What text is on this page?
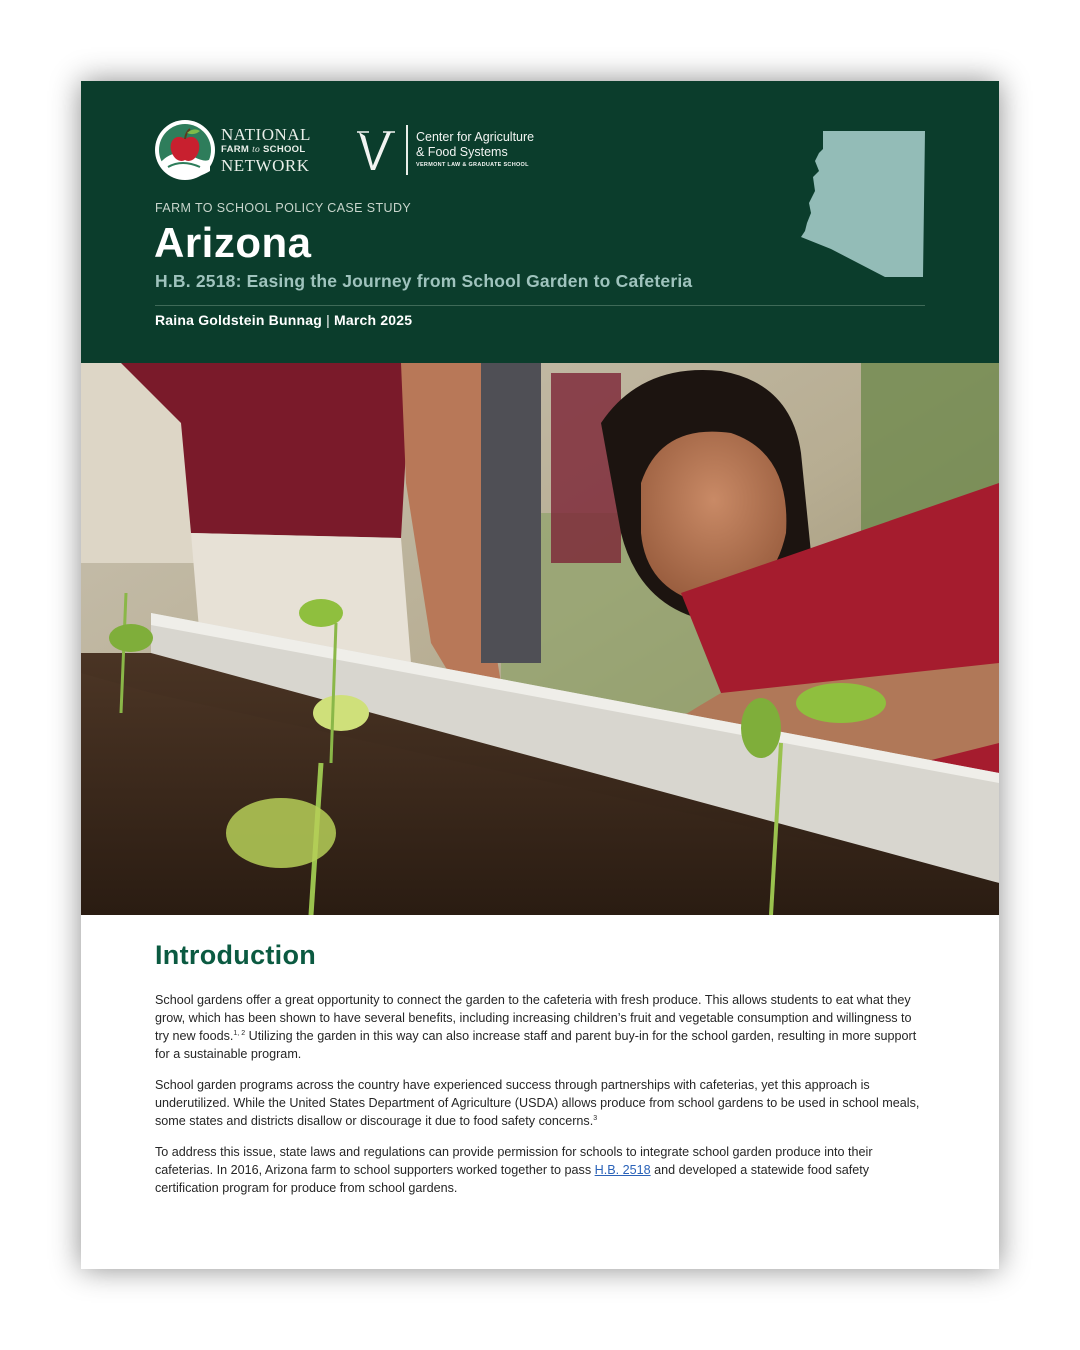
NATIONAL
FARM to SCHOOL
NETWORK
Center for Agriculture
& Food Systems
VERMONT LAW & GRADUATE SCHOOL
FARM TO SCHOOL POLICY CASE STUDY
Arizona
H.B. 2518: Easing the Journey from School Garden to Cafeteria
Raina Goldstein Bunnag | March 2025
Introduction

School gardens offer a great opportunity to connect the garden to the cafeteria with fresh produce. This allows students to eat what they grow, which has been shown to have several benefits, including increasing children’s fruit and vegetable consumption and willingness to try new foods.$^{1, 2}$ Utilizing the garden in this way can also increase staff and parent buy-in for the school garden, resulting in more support for a sustainable program.

School garden programs across the country have experienced success through partnerships with cafeterias, yet this approach is underutilized. While the United States Department of Agriculture (USDA) allows produce from school gardens to be used in school meals, some states and districts disallow or discourage it due to food safety concerns.$^3$

To address this issue, state laws and regulations can provide permission for schools to integrate school garden produce into their cafeterias. In 2016, Arizona farm to school supporters worked together to pass H.B. 2518 and developed a statewide food safety certification program for produce from school gardens.
